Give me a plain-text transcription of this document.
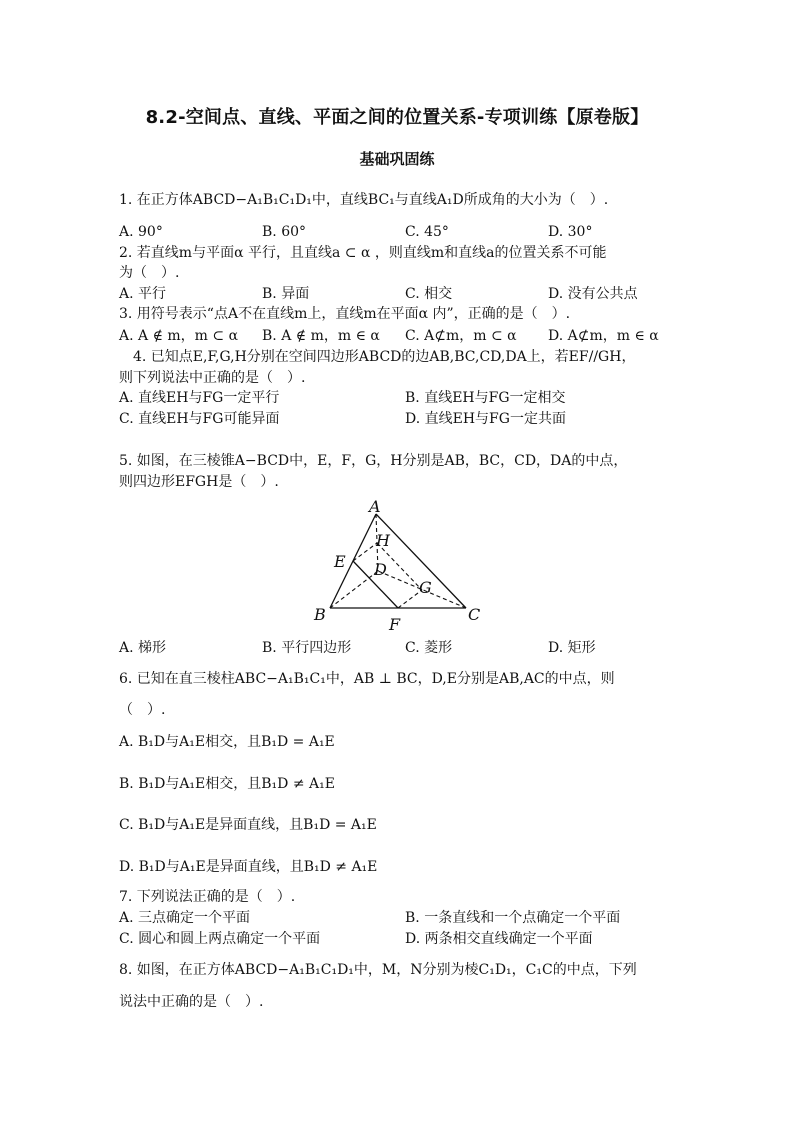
8.2-空间点、直线、平面之间的位置关系-专项训练【原卷版】
基础巩固练
1. 在正方体ABCD−A₁B₁C₁D₁中，直线BC₁与直线A₁D所成角的大小为（　）.
A. 90°	B. 60°	C. 45°	D. 30°
2. 若直线m与平面α 平行，且直线a ⊂ α ，则直线m和直线a的位置关系不可能
为（　）.
A. 平行	B. 异面	C. 相交	D. 没有公共点
3. 用符号表示“点A不在直线m上，直线m在平面α 内”，正确的是（　）.
A. A ∉ m，m ⊂ α B. A ∉ m，m ∈ α C. A⊄m，m ⊂ α D. A⊄m，m ∈ α
4. 已知点E,F,G,H分别在空间四边形ABCD的边AB,BC,CD,DA上，若EF//GH，
则下列说法中正确的是（　）.
A. 直线EH与FG一定平行	B. 直线EH与FG一定相交
C. 直线EH与FG可能异面	D. 直线EH与FG一定共面
5. 如图，在三棱锥A−BCD中，E，F，G，H分别是AB，BC，CD，DA的中点，
则四边形EFGH是（　）.
A
B	C
D
E
F
G
H
A. 梯形	B. 平行四边形	C. 菱形	D. 矩形
6. 已知在直三棱柱ABC−A₁B₁C₁中，AB ⊥ BC，D,E分别是AB,AC的中点，则
（　）.
A. B₁D与A₁E相交，且B₁D = A₁E
B. B₁D与A₁E相交，且B₁D ≠ A₁E
C. B₁D与A₁E是异面直线，且B₁D = A₁E
D. B₁D与A₁E是异面直线，且B₁D ≠ A₁E
7. 下列说法正确的是（　）.
A. 三点确定一个平面	B. 一条直线和一个点确定一个平面
C. 圆心和圆上两点确定一个平面	D. 两条相交直线确定一个平面
8. 如图，在正方体ABCD−A₁B₁C₁D₁中，M，N分别为棱C₁D₁，C₁C的中点，下列
说法中正确的是（　）.
